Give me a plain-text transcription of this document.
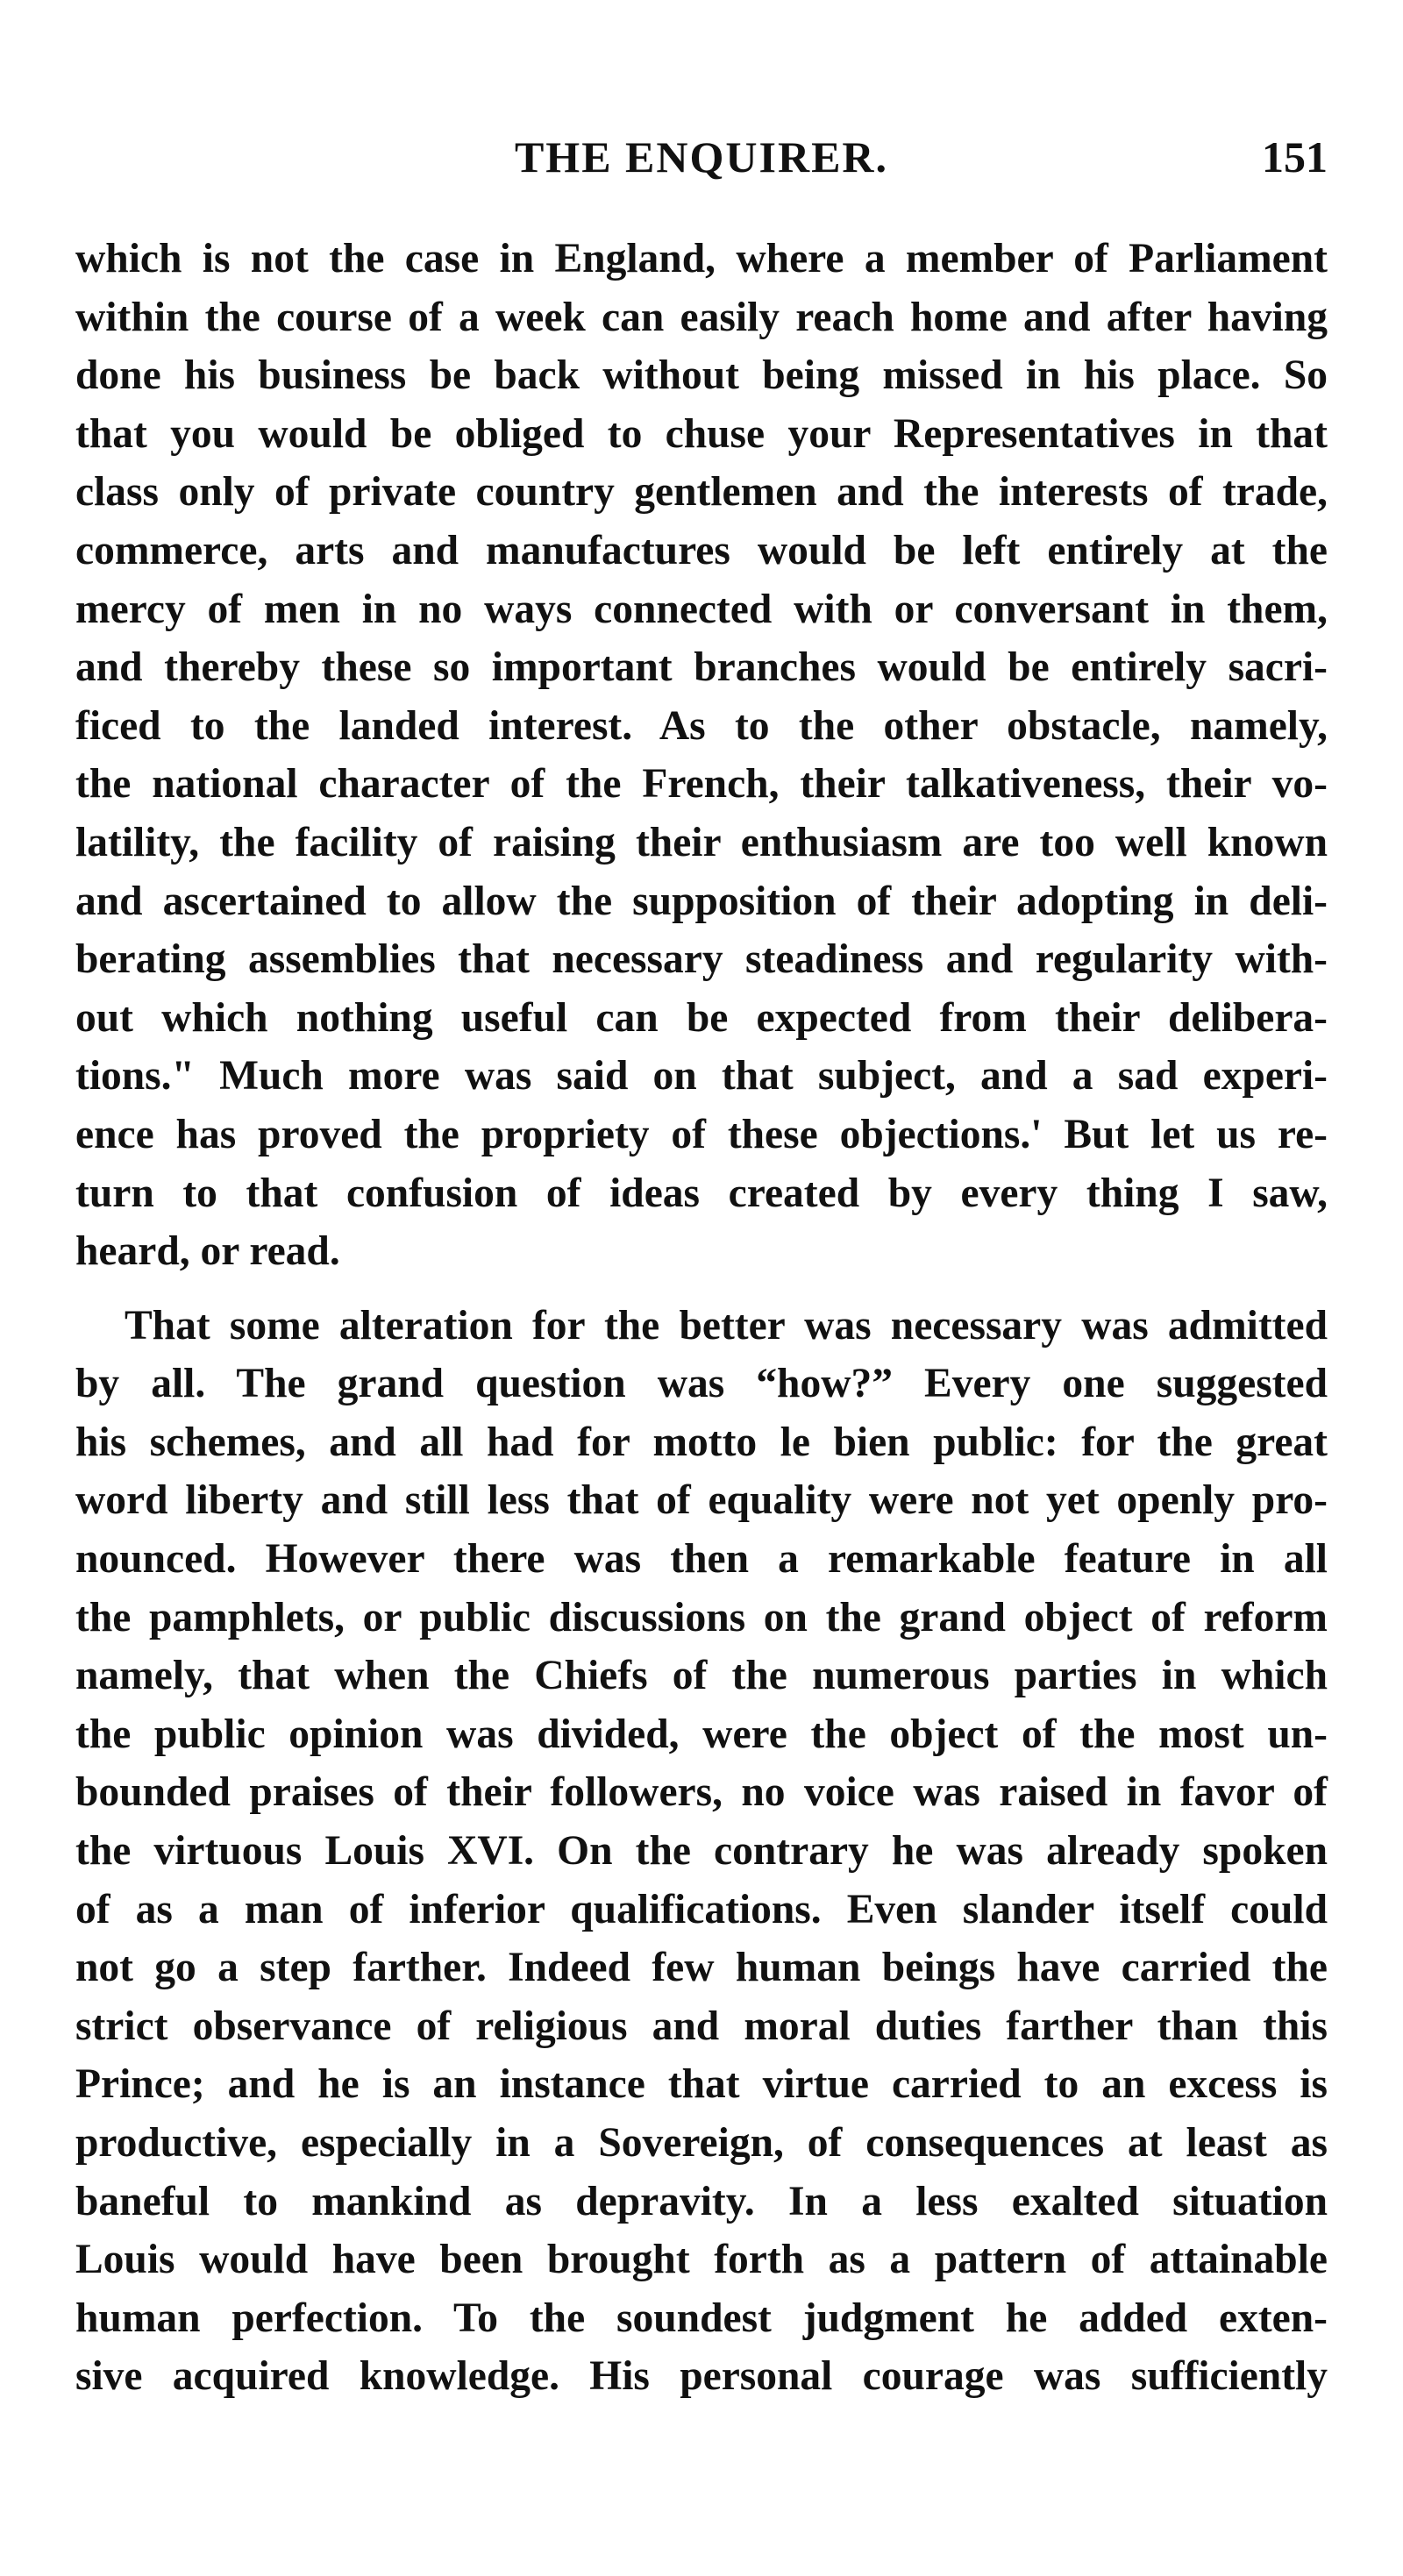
THE ENQUIRER.	151
which is not the case in England, where a member of Parliament
within the course of a week can easily reach home and after having
done his business be back without being missed in his place. So
that you would be obliged to chuse your Representatives in that
class only of private country gentlemen and the interests of trade,
commerce, arts and manufactures would be left entirely at the
mercy of men in no ways connected with or conversant in them,
and thereby these so important branches would be entirely sacri-
ficed to the landed interest. As to the other obstacle, namely,
the national character of the French, their talkativeness, their vo-
latility, the facility of raising their enthusiasm are too well known
and ascertained to allow the supposition of their adopting in deli-
berating assemblies that necessary steadiness and regularity with-
out which nothing useful can be expected from their delibera-
tions." Much more was said on that subject, and a sad experi-
ence has proved the propriety of these objections.' But let us re-
turn to that confusion of ideas created by every thing I saw,
heard, or read.
That some alteration for the better was necessary was admitted
by all. The grand question was “how?” Every one suggested
his schemes, and all had for motto le bien public: for the great
word liberty and still less that of equality were not yet openly pro-
nounced. However there was then a remarkable feature in all
the pamphlets, or public discussions on the grand object of reform
namely, that when the Chiefs of the numerous parties in which
the public opinion was divided, were the object of the most un-
bounded praises of their followers, no voice was raised in favor of
the virtuous Louis XVI. On the contrary he was already spoken
of as a man of inferior qualifications. Even slander itself could
not go a step farther. Indeed few human beings have carried the
strict observance of religious and moral duties farther than this
Prince; and he is an instance that virtue carried to an excess is
productive, especially in a Sovereign, of consequences at least as
baneful to mankind as depravity. In a less exalted situation
Louis would have been brought forth as a pattern of attainable
human perfection. To the soundest judgment he added exten-
sive acquired knowledge. His personal courage was sufficiently
